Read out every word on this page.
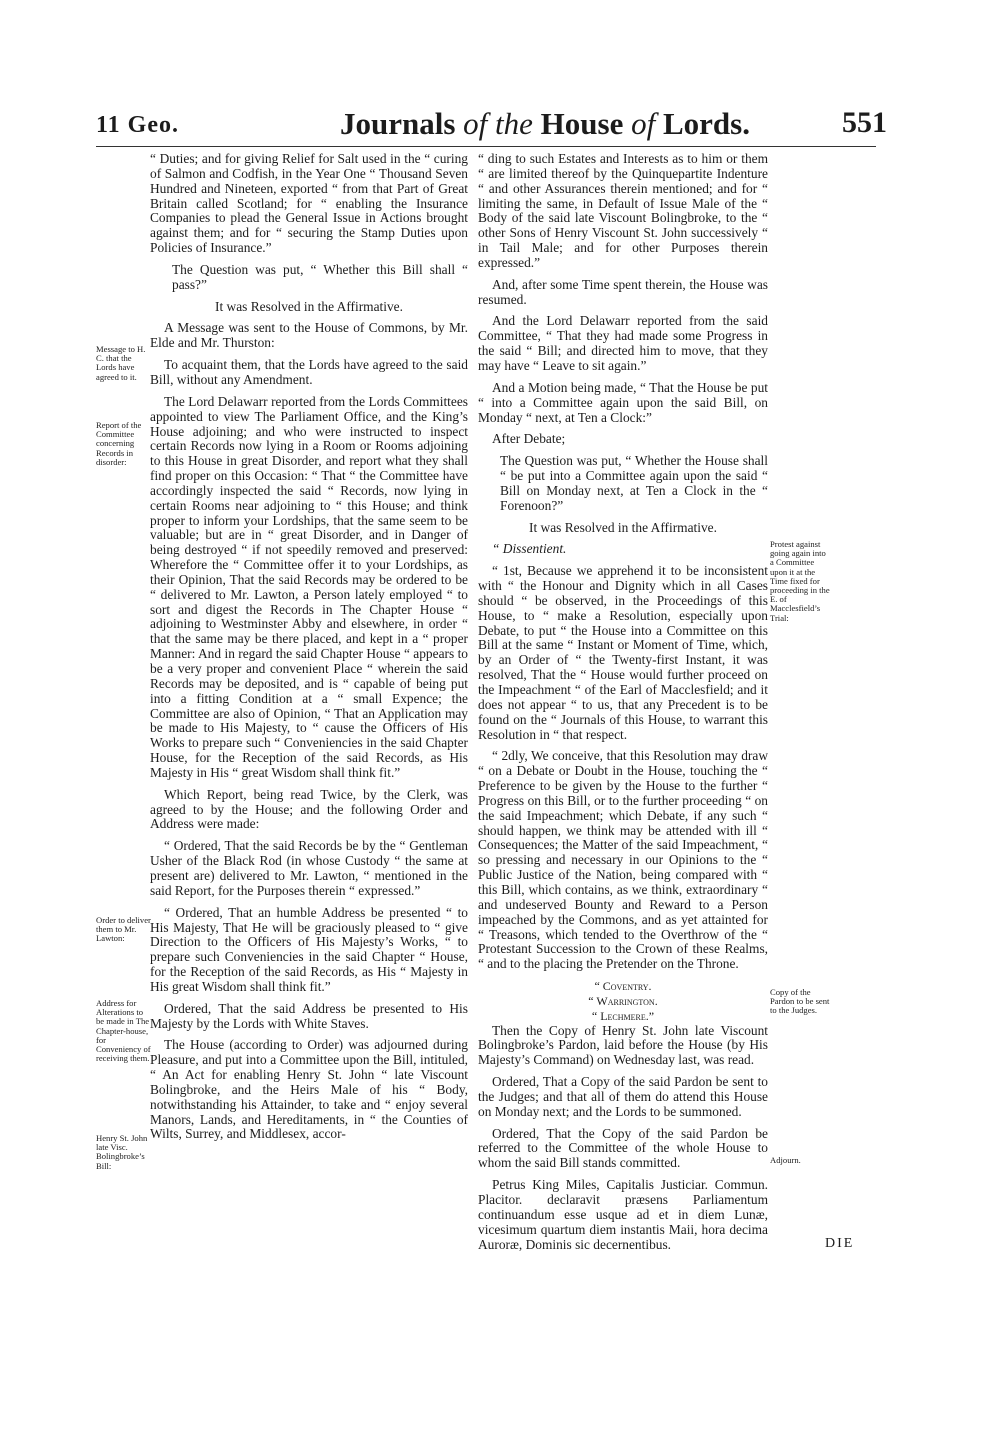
11 Geo.	Journals of the House of Lords.	551

“ Duties; and for giving Relief for Salt used in the “ curing of Salmon and Codfish, in the Year One “ Thousand Seven Hundred and Nineteen, exported “ from that Part of Great Britain called Scotland; for “ enabling the Insurance Companies to plead the General Issue in Actions brought against them; and for “ securing the Stamp Duties upon Policies of Insurance.”

The Question was put, “ Whether this Bill shall “ pass?”

It was Resolved in the Affirmative.

A Message was sent to the House of Commons, by Mr. Elde and Mr. Thurston:

To acquaint them, that the Lords have agreed to the said Bill, without any Amendment.

The Lord Delawarr reported from the Lords Committees appointed to view The Parliament Office, and the King’s House adjoining; and who were instructed to inspect certain Records now lying in a Room or Rooms adjoining to this House in great Disorder, and report what they shall find proper on this Occasion: “ That “ the Committee have accordingly inspected the said “ Records, now lying in certain Rooms near adjoining to “ this House; and think proper to inform your Lordships, that the same seem to be valuable; but are in “ great Disorder, and in Danger of being destroyed “ if not speedily removed and preserved: Wherefore the “ Committee offer it to your Lordships, as their Opinion, That the said Records may be ordered to be “ delivered to Mr. Lawton, a Person lately employed “ to sort and digest the Records in The Chapter House “ adjoining to Westminster Abby and elsewhere, in order “ that the same may be there placed, and kept in a “ proper Manner: And in regard the said Chapter House “ appears to be a very proper and convenient Place “ wherein the said Records may be deposited, and is “ capable of being put into a fitting Condition at a “ small Expence; the Committee are also of Opinion, “ That an Application may be made to His Majesty, to “ cause the Officers of His Works to prepare such “ Conveniencies in the said Chapter House, for the Reception of the said Records, as His Majesty in His “ great Wisdom shall think fit.”

Which Report, being read Twice, by the Clerk, was agreed to by the House; and the following Order and Address were made:

“ Ordered, That the said Records be by the “ Gentleman Usher of the Black Rod (in whose Custody “ the same at present are) delivered to Mr. Lawton, “ mentioned in the said Report, for the Purposes therein “ expressed.”

“ Ordered, That an humble Address be presented “ to His Majesty, That He will be graciously pleased to “ give Direction to the Officers of His Majesty’s Works, “ to prepare such Conveniencies in the said Chapter “ House, for the Reception of the said Records, as His “ Majesty in His great Wisdom shall think fit.”

Ordered, That the said Address be presented to His Majesty by the Lords with White Staves.

The House (according to Order) was adjourned during Pleasure, and put into a Committee upon the Bill, intituled, “ An Act for enabling Henry St. John “ late Viscount Bolingbroke, and the Heirs Male of his “ Body, notwithstanding his Attainder, to take and “ enjoy several Manors, Lands, and Hereditaments, in “ the Counties of Wilts, Surrey, and Middlesex, accor-

“ ding to such Estates and Interests as to him or them “ are limited thereof by the Quinquepartite Indenture “ and other Assurances therein mentioned; and for “ limiting the same, in Default of Issue Male of the “ Body of the said late Viscount Bolingbroke, to the “ other Sons of Henry Viscount St. John successively “ in Tail Male; and for other Purposes therein expressed.”

And, after some Time spent therein, the House was resumed.

And the Lord Delawarr reported from the said Committee, “ That they had made some Progress in the said “ Bill; and directed him to move, that they may have “ Leave to sit again.”

And a Motion being made, “ That the House be put “ into a Committee again upon the said Bill, on Monday “ next, at Ten a Clock:”

After Debate;

The Question was put, “ Whether the House shall “ be put into a Committee again upon the said “ Bill on Monday next, at Ten a Clock in the “ Forenoon?”

It was Resolved in the Affirmative.

“ Dissentient.

“ 1st, Because we apprehend it to be inconsistent with “ the Honour and Dignity which in all Cases should “ be observed, in the Proceedings of this House, to “ make a Resolution, especially upon Debate, to put “ the House into a Committee on this Bill at the same “ Instant or Moment of Time, which, by an Order of “ the Twenty-first Instant, it was resolved, That the “ House would further proceed on the Impeachment “ of the Earl of Macclesfield; and it does not appear “ to us, that any Precedent is to be found on the “ Journals of this House, to warrant this Resolution in “ that respect.

“ 2dly, We conceive, that this Resolution may draw “ on a Debate or Doubt in the House, touching the “ Preference to be given by the House to the further “ Progress on this Bill, or to the further proceeding “ on the said Impeachment; which Debate, if any such “ should happen, we think may be attended with ill “ Consequences; the Matter of the said Impeachment, “ so pressing and necessary in our Opinions to the “ Public Justice of the Nation, being compared with “ this Bill, which contains, as we think, extraordinary “ and undeserved Bounty and Reward to a Person impeached by the Commons, and as yet attainted for “ Treasons, which tended to the Overthrow of the “ Protestant Succession to the Crown of these Realms, “ and to the placing the Pretender on the Throne.

“ Coventry.

“ Warrington.

“ Lechmere.”

Then the Copy of Henry St. John late Viscount Bolingbroke’s Pardon, laid before the House (by His Majesty’s Command) on Wednesday last, was read.

Ordered, That a Copy of the said Pardon be sent to the Judges; and that all of them do attend this House on Monday next; and the Lords to be summoned.

Ordered, That the Copy of the said Pardon be referred to the Committee of the whole House to whom the said Bill stands committed.

Petrus King Miles, Capitalis Justiciar. Commun. Placitor. declaravit præsens Parliamentum continuandum esse usque ad et in diem Lunæ, vicesimum quartum diem instantis Maii, hora decima Auroræ, Dominis sic decernentibus.

Message to H. C. that the Lords have agreed to it.
Report of the Committee concerning Records in disorder:
Order to deliver them to Mr. Lawton:
Address for Alterations to be made in The Chapter-house, for Conveniency of receiving them.
Henry St. John late Visc. Bolingbroke’s Bill:
Protest against going again into a Committee upon it at the Time fixed for proceeding in the E. of Macclesfield’s Trial:
Copy of the Pardon to be sent to the Judges.
Adjourn.
DIE
